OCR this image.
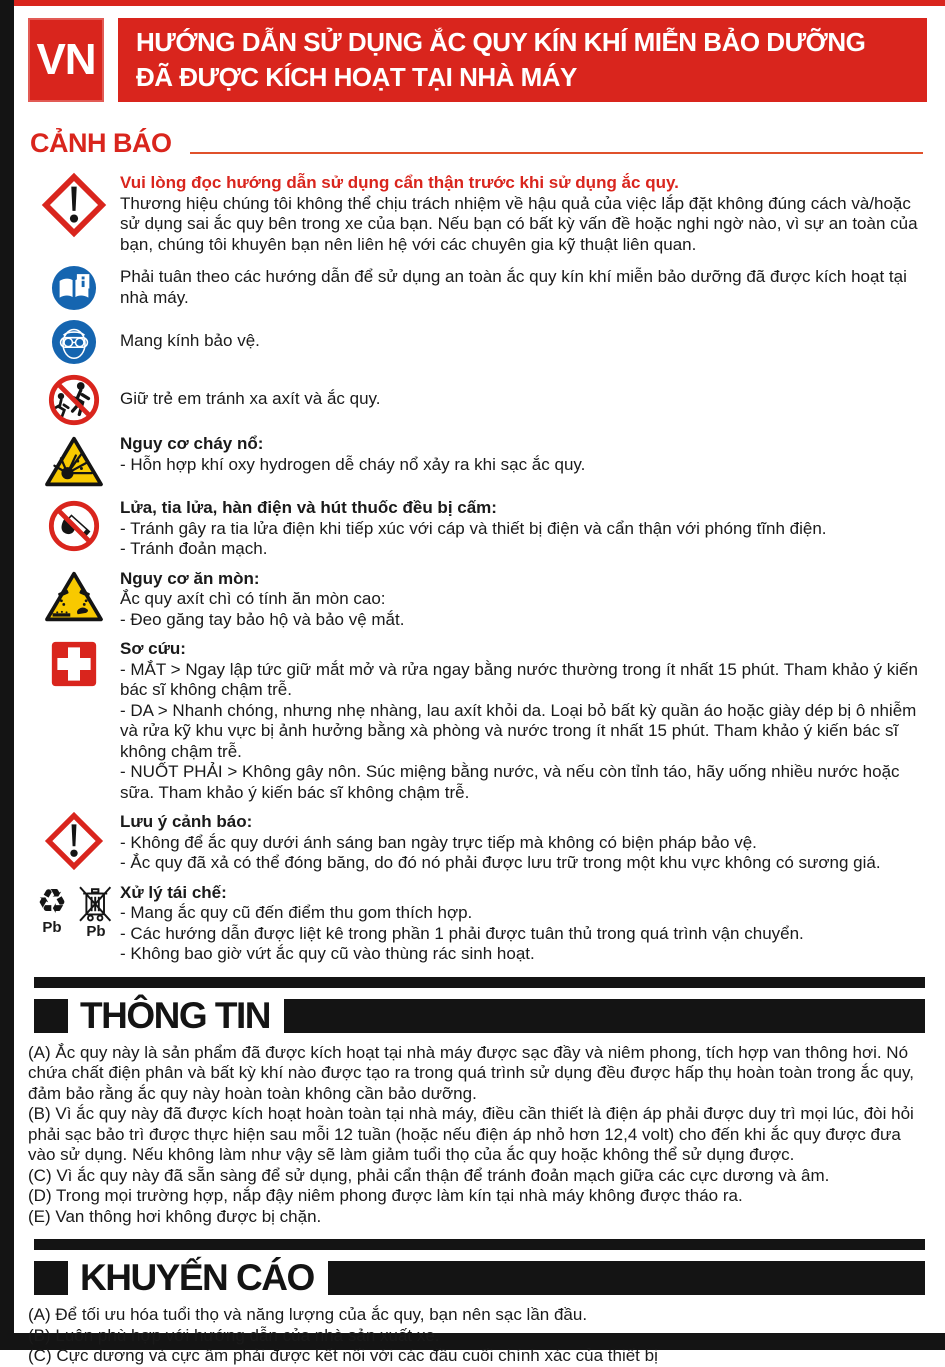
VN HƯỚNG DẪN SỬ DỤNG ẮC QUY KÍN KHÍ MIỄN BẢO DƯỠNG
ĐÃ ĐƯỢC KÍCH HOẠT TẠI NHÀ MÁY
CẢNH BÁO
Vui lòng đọc hướng dẫn sử dụng cẩn thận trước khi sử dụng ắc quy.
Thương hiệu chúng tôi không thể chịu trách nhiệm về hậu quả của việc lắp đặt không đúng cách và/hoặc sử dụng sai ắc quy bên trong xe của bạn. Nếu bạn có bất kỳ vấn đề hoặc nghi ngờ nào, vì sự an toàn của bạn, chúng tôi khuyên bạn nên liên hệ với các chuyên gia kỹ thuật liên quan.
Phải tuân theo các hướng dẫn để sử dụng an toàn ắc quy kín khí miễn bảo dưỡng đã được kích hoạt tại nhà máy.
Mang kính bảo vệ.
Giữ trẻ em tránh xa axít và ắc quy.
Nguy cơ cháy nổ:
- Hỗn hợp khí oxy hydrogen dễ cháy nổ xảy ra khi sạc ắc quy.
Lửa, tia lửa, hàn điện và hút thuốc đều bị cấm:
- Tránh gây ra tia lửa điện khi tiếp xúc với cáp và thiết bị điện và cẩn thận với phóng tĩnh điện.
- Tránh đoản mạch.
Nguy cơ ăn mòn:
Ắc quy axít chì có tính ăn mòn cao:
- Đeo găng tay bảo hộ và bảo vệ mắt.
Sơ cứu:
- MẮT > Ngay lập tức giữ mắt mở và rửa ngay bằng nước thường trong ít nhất 15 phút. Tham khảo ý kiến bác sĩ không chậm trễ.
- DA > Nhanh chóng, nhưng nhẹ nhàng, lau axít khỏi da. Loại bỏ bất kỳ quần áo hoặc giày dép bị ô nhiễm và rửa kỹ khu vực bị ảnh hưởng bằng xà phòng và nước trong ít nhất 15 phút. Tham khảo ý kiến bác sĩ không chậm trễ.
- NUỐT PHẢI > Không gây nôn. Súc miệng bằng nước, và nếu còn tỉnh táo, hãy uống nhiều nước hoặc sữa. Tham khảo ý kiến bác sĩ không chậm trễ.
Lưu ý cảnh báo:
- Không để ắc quy dưới ánh sáng ban ngày trực tiếp mà không có biện pháp bảo vệ.
- Ắc quy đã xả có thể đóng băng, do đó nó phải được lưu trữ trong một khu vực không có sương giá.
♻
Pb Pb
Xử lý tái chế:
- Mang ắc quy cũ đến điểm thu gom thích hợp.
- Các hướng dẫn được liệt kê trong phần 1 phải được tuân thủ trong quá trình vận chuyển.
- Không bao giờ vứt ắc quy cũ vào thùng rác sinh hoạt.
THÔNG TIN
(A) Ắc quy này là sản phẩm đã được kích hoạt tại nhà máy được sạc đầy và niêm phong, tích hợp van thông hơi. Nó chứa chất điện phân và bất kỳ khí nào được tạo ra trong quá trình sử dụng đều được hấp thụ hoàn toàn trong ắc quy, đảm bảo rằng ắc quy này hoàn toàn không cần bảo dưỡng.
(B) Vì ắc quy này đã được kích hoạt hoàn toàn tại nhà máy, điều cần thiết là điện áp phải được duy trì mọi lúc, đòi hỏi phải sạc bảo trì được thực hiện sau mỗi 12 tuần (hoặc nếu điện áp nhỏ hơn 12,4 volt) cho đến khi ắc quy được đưa vào sử dụng. Nếu không làm như vậy sẽ làm giảm tuổi thọ của ắc quy hoặc không thể sử dụng được.
(C) Vì ắc quy này đã sẵn sàng để sử dụng, phải cẩn thận để tránh đoản mạch giữa các cực dương và âm.
(D) Trong mọi trường hợp, nắp đậy niêm phong được làm kín tại nhà máy không được tháo ra.
(E) Van thông hơi không được bị chặn.
KHUYẾN CÁO
(A) Để tối ưu hóa tuổi thọ và năng lượng của ắc quy, bạn nên sạc lần đầu.
(B) Luôn phù hợp với hướng dẫn của nhà sản xuất xe.
(C) Cực dương và cực âm phải được kết nối với các đầu cuối chính xác của thiết bị
